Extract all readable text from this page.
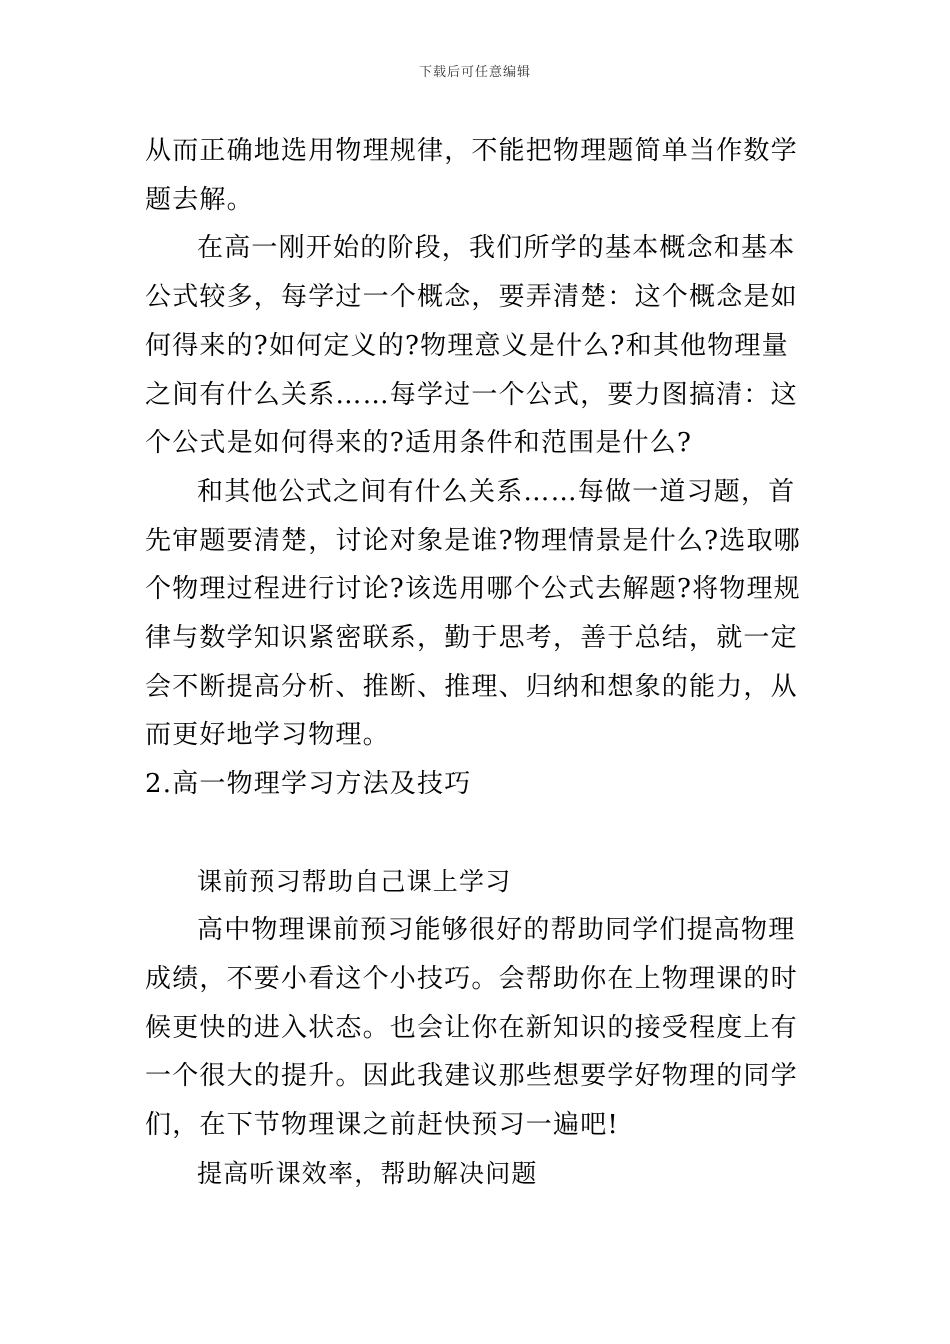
下载后可任意编辑

从而正确地选用物理规律，不能把物理题简单当作数学题去解。

在高一刚开始的阶段，我们所学的基本概念和基本公式较多，每学过一个概念，要弄清楚：这个概念是如何得来的?如何定义的?物理意义是什么?和其他物理量之间有什么关系……每学过一个公式，要力图搞清：这个公式是如何得来的?适用条件和范围是什么?

和其他公式之间有什么关系……每做一道习题，首先审题要清楚，讨论对象是谁?物理情景是什么?选取哪个物理过程进行讨论?该选用哪个公式去解题?将物理规律与数学知识紧密联系，勤于思考，善于总结，就一定会不断提高分析、推断、推理、归纳和想象的能力，从而更好地学习物理。

2.高一物理学习方法及技巧

课前预习帮助自己课上学习

高中物理课前预习能够很好的帮助同学们提高物理成绩，不要小看这个小技巧。会帮助你在上物理课的时候更快的进入状态。也会让你在新知识的接受程度上有一个很大的提升。因此我建议那些想要学好物理的同学们，在下节物理课之前赶快预习一遍吧!

提高听课效率，帮助解决问题
